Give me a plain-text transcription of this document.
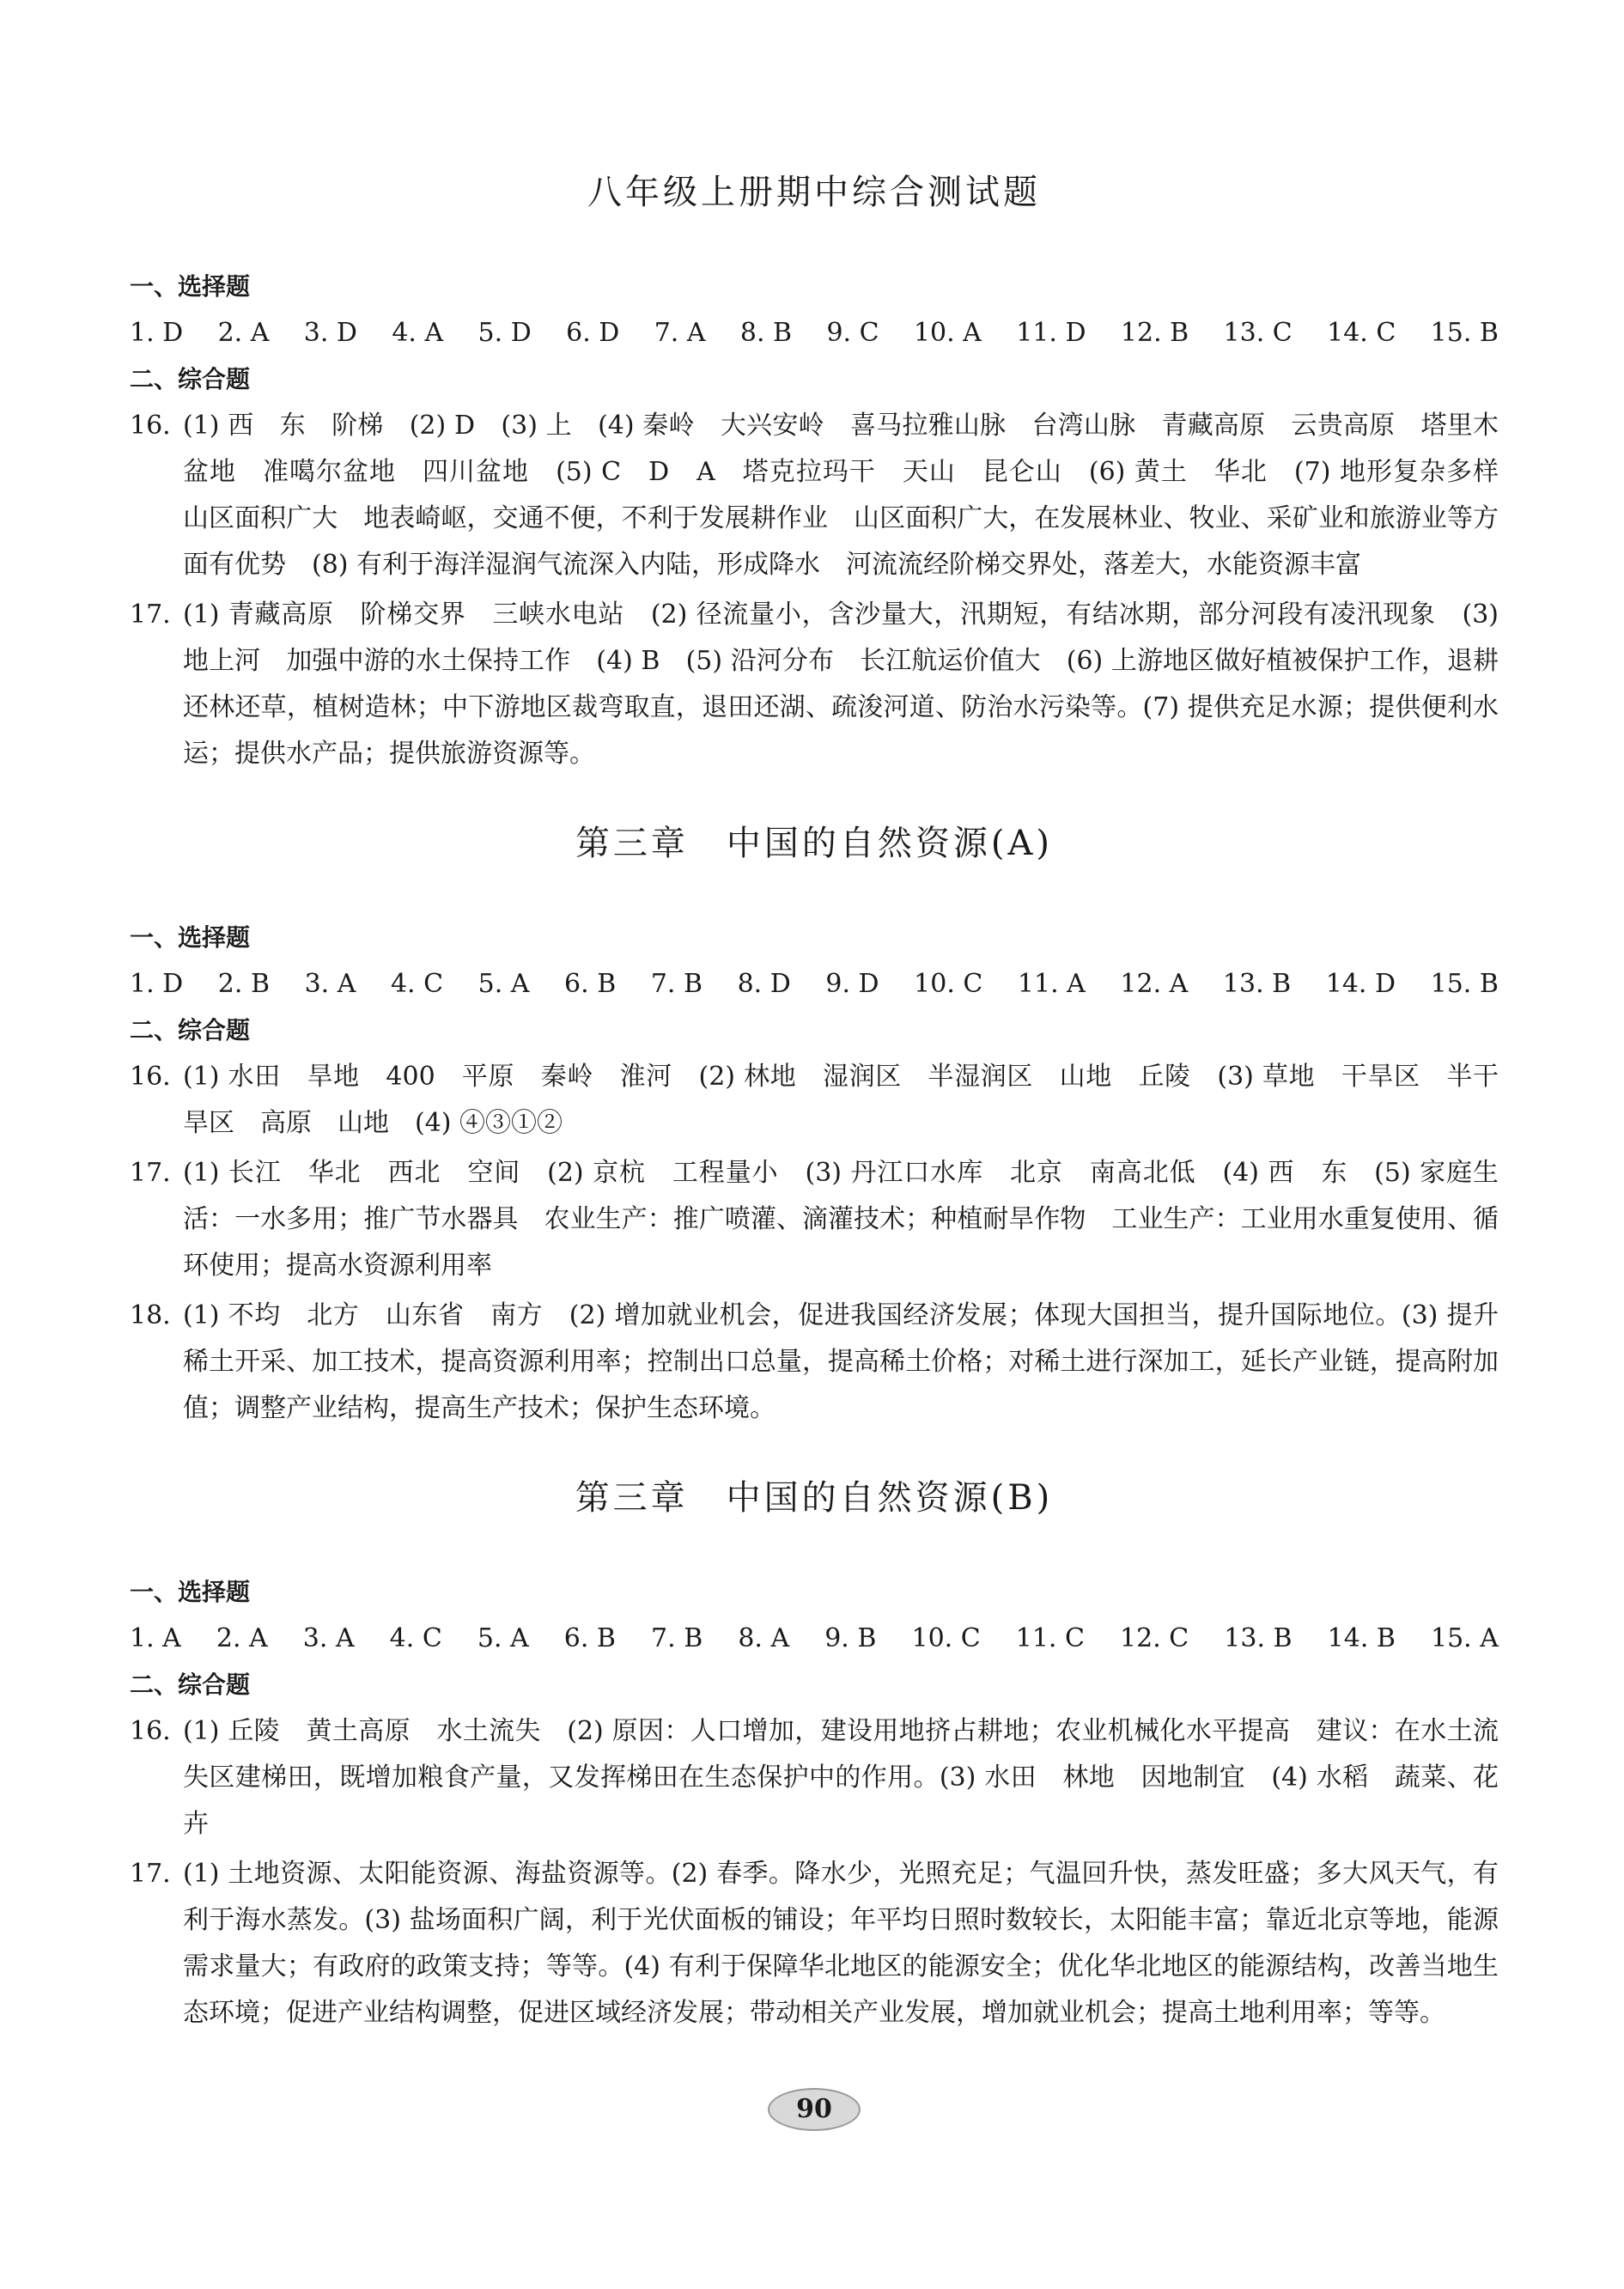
八年级上册期中综合测试题
一、选择题
1. D 2. A 3. D 4. A 5. D 6. D 7. A 8. B 9. C 10. A 11. D 12. B 13. C 14. C 15. B
二、综合题
16. (1) 西　东　阶梯　(2) D　(3) 上　(4) 秦岭　大兴安岭　喜马拉雅山脉　台湾山脉　青藏高原　云贵高原　塔里木盆地　准噶尔盆地　四川盆地　(5) C　D　A　塔克拉玛干　天山　昆仑山　(6) 黄土　华北　(7) 地形复杂多样　山区面积广大　地表崎岖，交通不便，不利于发展耕作业　山区面积广大，在发展林业、牧业、采矿业和旅游业等方面有优势　(8) 有利于海洋湿润气流深入内陆，形成降水　河流流经阶梯交界处，落差大，水能资源丰富
17. (1) 青藏高原　阶梯交界　三峡水电站　(2) 径流量小，含沙量大，汛期短，有结冰期，部分河段有凌汛现象　(3) 地上河　加强中游的水土保持工作　(4) B　(5) 沿河分布　长江航运价值大　(6) 上游地区做好植被保护工作，退耕还林还草，植树造林；中下游地区裁弯取直，退田还湖、疏浚河道、防治水污染等。(7) 提供充足水源；提供便利水运；提供水产品；提供旅游资源等。
第三章　中国的自然资源(A)
一、选择题
1. D 2. B 3. A 4. C 5. A 6. B 7. B 8. D 9. D 10. C 11. A 12. A 13. B 14. D 15. B
二、综合题
16. (1) 水田　旱地　400　平原　秦岭　淮河　(2) 林地　湿润区　半湿润区　山地　丘陵　(3) 草地　干旱区　半干旱区　高原　山地　(4) ④③①②
17. (1) 长江　华北　西北　空间　(2) 京杭　工程量小　(3) 丹江口水库　北京　南高北低　(4) 西　东　(5) 家庭生活：一水多用；推广节水器具　农业生产：推广喷灌、滴灌技术；种植耐旱作物　工业生产：工业用水重复使用、循环使用；提高水资源利用率
18. (1) 不均　北方　山东省　南方　(2) 增加就业机会，促进我国经济发展；体现大国担当，提升国际地位。(3) 提升稀土开采、加工技术，提高资源利用率；控制出口总量，提高稀土价格；对稀土进行深加工，延长产业链，提高附加值；调整产业结构，提高生产技术；保护生态环境。
第三章　中国的自然资源(B)
一、选择题
1. A 2. A 3. A 4. C 5. A 6. B 7. B 8. A 9. B 10. C 11. C 12. C 13. B 14. B 15. A
二、综合题
16. (1) 丘陵　黄土高原　水土流失　(2) 原因：人口增加，建设用地挤占耕地；农业机械化水平提高　建议：在水土流失区建梯田，既增加粮食产量，又发挥梯田在生态保护中的作用。(3) 水田　林地　因地制宜　(4) 水稻　蔬菜、花卉
17. (1) 土地资源、太阳能资源、海盐资源等。(2) 春季。降水少，光照充足；气温回升快，蒸发旺盛；多大风天气，有利于海水蒸发。(3) 盐场面积广阔，利于光伏面板的铺设；年平均日照时数较长，太阳能丰富；靠近北京等地，能源需求量大；有政府的政策支持；等等。(4) 有利于保障华北地区的能源安全；优化华北地区的能源结构，改善当地生态环境；促进产业结构调整，促进区域经济发展；带动相关产业发展，增加就业机会；提高土地利用率；等等。
90
